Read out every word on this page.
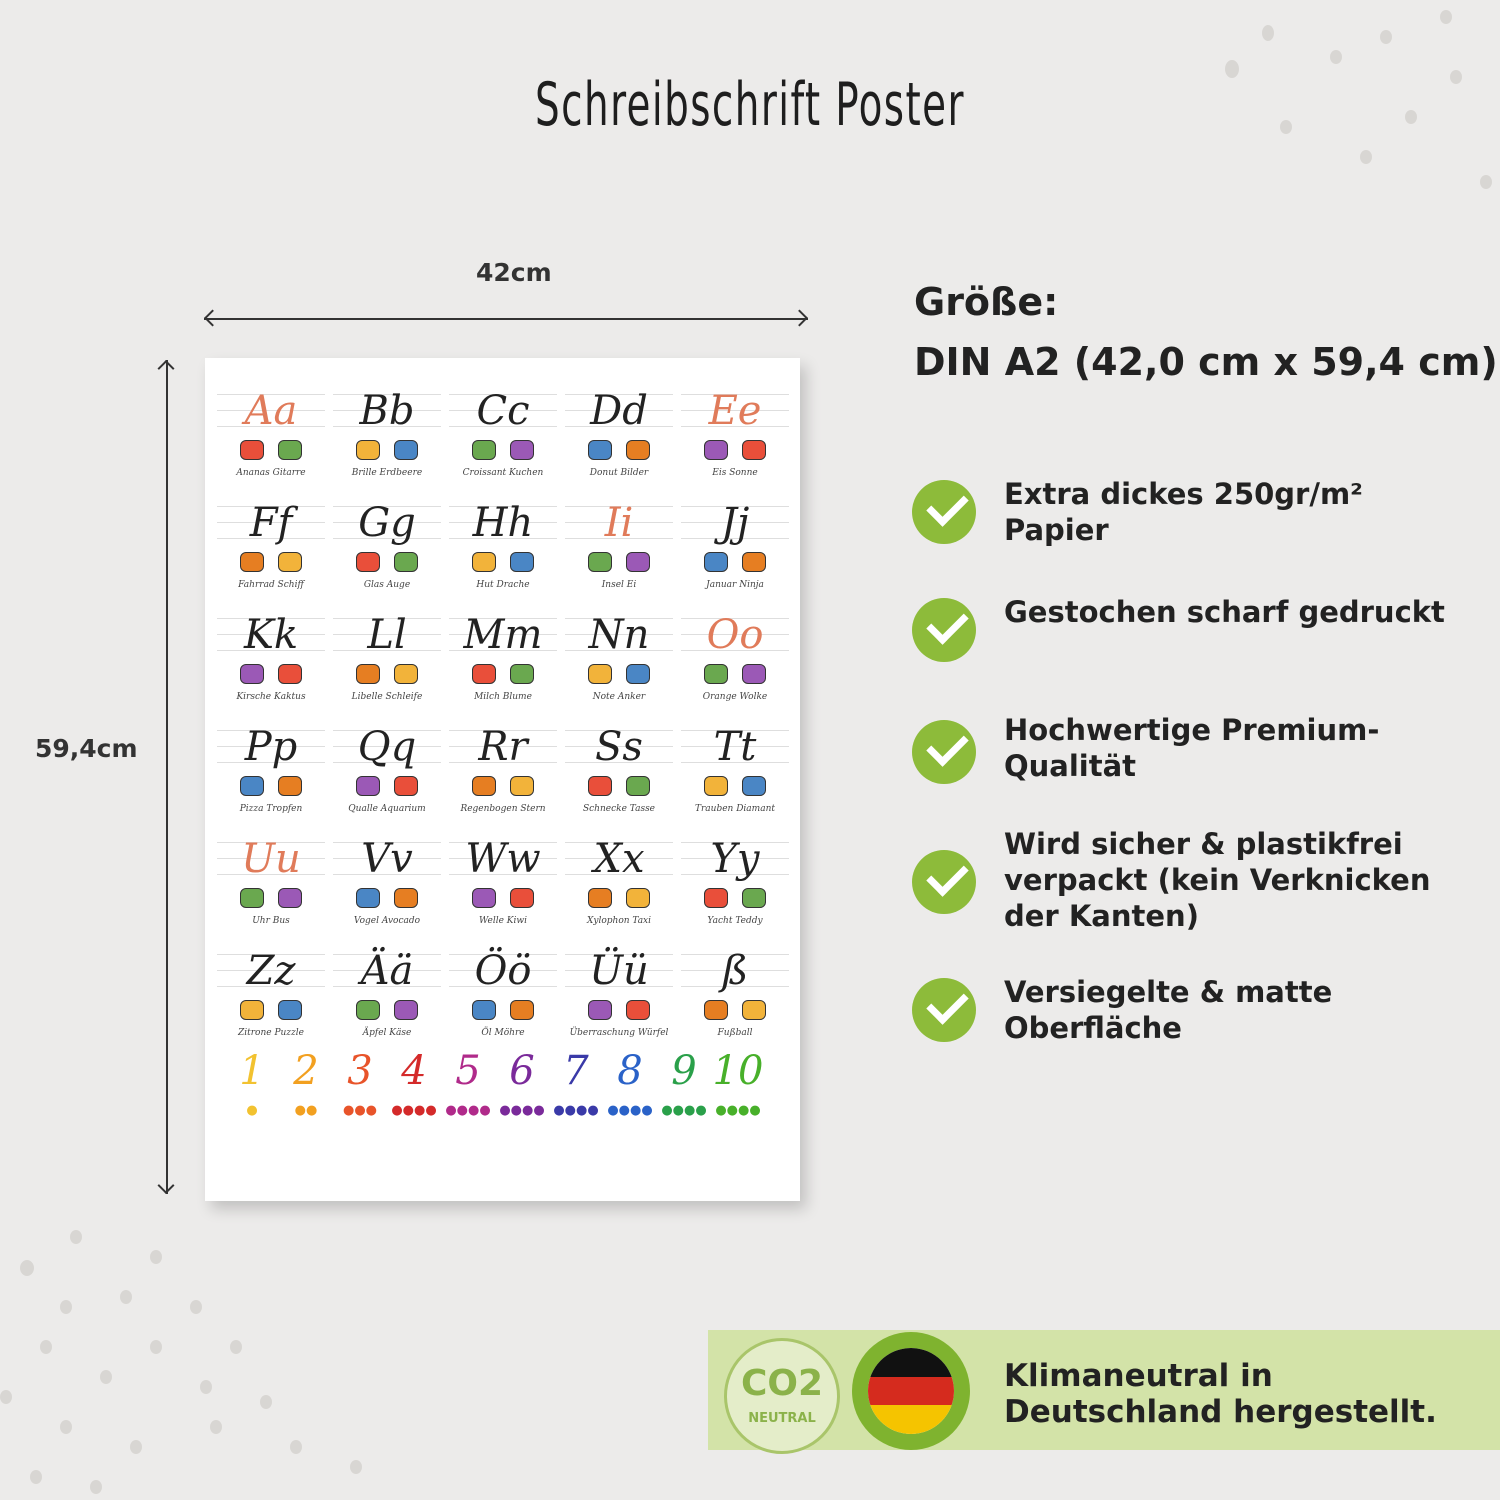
Schreibschrift Poster
42cm
59,4cm
Aa
Ananas Gitarre
Bb
Brille Erdbeere
Cc
Croissant Kuchen
Dd
Donut Bilder
Ee
Eis Sonne
Ff
Fahrrad Schiff
Gg
Glas Auge
Hh
Hut Drache
Ii
Insel Ei
Jj
Januar Ninja
Kk
Kirsche Kaktus
Ll
Libelle Schleife
Mm
Milch Blume
Nn
Note Anker
Oo
Orange Wolke
Pp
Pizza Tropfen
Qq
Qualle Aquarium
Rr
Regenbogen Stern
Ss
Schnecke Tasse
Tt
Trauben Diamant
Uu
Uhr Bus
Vv
Vogel Avocado
Ww
Welle Kiwi
Xx
Xylophon Taxi
Yy
Yacht Teddy
Zz
Zitrone Puzzle
Ää
Äpfel Käse
Öö
Öl Möhre
Üü
Überraschung Würfel
ß
Fußball
1
●
2
●●
3
●●●
4
●●●●
5
●●●●
6
●●●●
7
●●●●
8
●●●●
9
●●●●
10
●●●●
Größe:
DIN A2 (42,0 cm x 59,4 cm)
Extra dickes 250gr/m² Papier
Gestochen scharf gedruckt
Hochwertige Premium-Qualität
Wird sicher & plastikfrei verpackt (kein Verknicken der Kanten)
Versiegelte & matte Oberfläche
CO2
NEUTRAL
Klimaneutral in Deutschland hergestellt.
